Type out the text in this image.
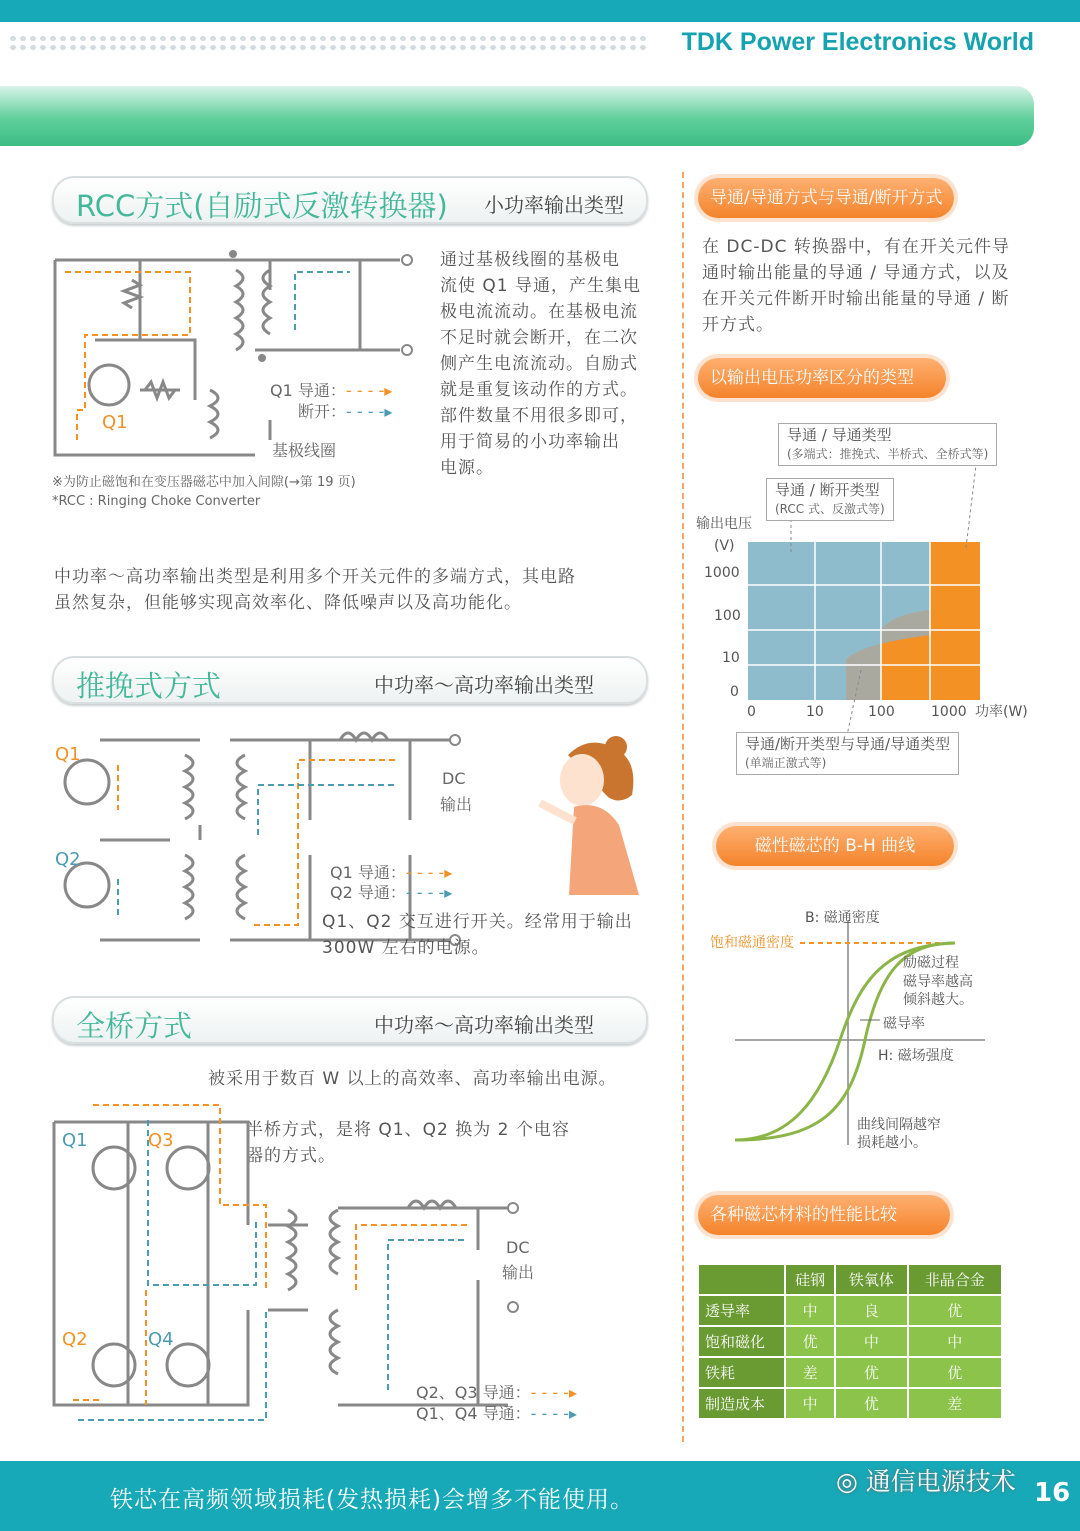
TDK Power Electronics World
RCC方式(自励式反激转换器) 小功率输出类型
Q1
Q1 导通：- - - -▸
断开：- - - -▸
基极线圈
通过基极线圈的基极电
流使 Q1 导通，产生集电
极电流流动。在基极电流
不足时就会断开，在二次
侧产生电流流动。自励式
就是重复该动作的方式。
部件数量不用很多即可，
用于简易的小功率输出
电源。
※为防止磁饱和在变压器磁芯中加入间隙(→第 19 页)
*RCC : Ringing Choke Converter
中功率～高功率输出类型是利用多个开关元件的多端方式，其电路
虽然复杂，但能够实现高效率化、降低噪声以及高功能化。
推挽式方式	中功率～高功率输出类型
Q1
Q2
DC
输出
Q1 导通：- - - -▸
Q2 导通：- - - -▸
Q1、Q2 交互进行开关。经常用于输出
300W 左右的电源。
全桥方式	中功率～高功率输出类型
被采用于数百 W 以上的高效率、高功率输出电源。
半桥方式，是将 Q1、Q2 换为 2 个电容
器的方式。
Q1	Q3
Q2	Q4
DC
输出
Q2、Q3 导通：- - - -▸
Q1、Q4 导通：- - - -▸
导通/导通方式与导通/断开方式
在 DC-DC 转换器中，有在开关元件导
通时输出能量的导通 / 导通方式，以及
在开关元件断开时输出能量的导通 / 断
开方式。
以输出电压功率区分的类型
输出电压
(V)
1000
100
10
0
0	10	100	1000 功率(W)
导通 / 导通类型
(多端式：推挽式、半桥式、全桥式等)
导通 / 断开类型
(RCC 式、反激式等)
导通/断开类型与导通/导通类型
(单端正激式等)
磁性磁芯的 B-H 曲线
B: 磁通密度
饱和磁通密度
励磁过程
磁导率越高
倾斜越大。
磁导率
H: 磁场强度
曲线间隔越窄
损耗越小。
各种磁芯材料的性能比较
	硅钢	铁氧体	非晶合金
透导率	中	良	优
饱和磁化	优	中	中
铁耗	差	优	优
制造成本	中	优	差
铁芯在高频领域损耗(发热损耗)会增多不能使用。
◎ 通信电源技术 16
